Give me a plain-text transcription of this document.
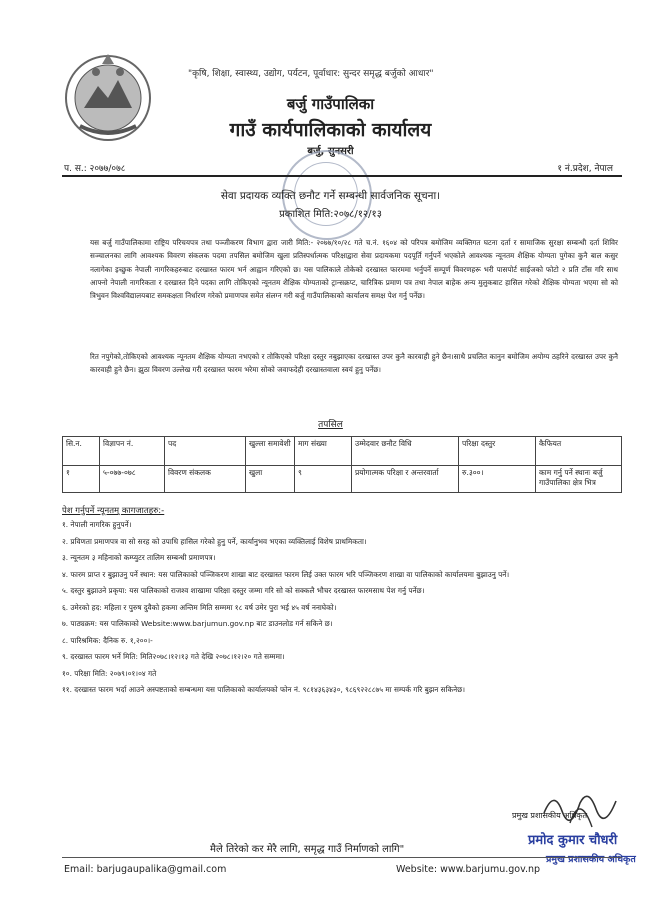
"कृषि, शिक्षा, स्वास्थ्य, उद्योग, पर्यटन, पूर्वाधार: सुन्दर समृद्ध बर्जुको आधार"
बर्जु गाउँपालिका
गाउँ कार्यपालिकाको कार्यालय
बर्जु, सुनसरी
प. स.: २०७७/०७८	१ नं.प्रदेश, नेपाल
सेवा प्रदायक व्यक्ति छनौट गर्ने सम्बन्धी सार्वजनिक सूचना।
प्रकाशित मिति:२०७८/१२/१३
यस बर्जु गाउँपालिकामा राष्ट्रिय परिचयपत्र तथा पञ्जीकरण विभाग द्वारा जारी मिति:- २०७७/१०/२८ गते च.नं. १६०४ को परिपत्र बमोजिम व्यक्तिगत घटना दर्ता र सामाजिक सुरक्षा सम्बन्धी दर्ता शिविर सञ्चालनका लागि आवश्यक विवरण संकलक पदमा तपसिल बमोजिम खुला प्रतिस्पर्धात्मक परिक्षाद्वारा सेवा प्रदायकमा पदपूर्ति गर्नुपर्ने भएकोले आवश्यक न्यूनतम शैक्षिक योग्यता पुगेका कुनै बाल कसुर नलागेका इच्छुक नेपाली नागरिकहरुबाट दरखास्त फारम भर्न आह्वान गरिएको छ। यस पालिकाले तोकेको दरखास्त फारममा भर्नुपर्ने सम्पूर्ण विवरणहरू भरी पासपोर्ट साईजको फोटो २ प्रति टाँस गरि साथ आफ्नो नेपाली नागरिकता र दरखास्त दिने पदका लागि तोकिएको न्यूनतम शैक्षिक योग्यताको ट्रान्सक्रप्ट, चारित्रिक प्रमाण पत्र तथा नेपाल बाहेक अन्य मुलुकबाट हासिल गरेको शैक्षिक योग्यता भएमा सो को त्रिभुवन विश्वविद्यालयबाट समकक्षता निर्धारण गरेको प्रमाणपत्र समेत संलग्न गरी बर्जु गाउँपालिकाको कार्यालय समक्ष पेश गर्नु पर्नेछ।
रित नपुगेको,तोकिएको आवश्यक न्यूनतम शैक्षिक योग्यता नभएको र तोकिएको परिक्षा दस्तुर नबुझाएका दरखास्त उपर कुनै कारवाही हुने छैन।साथै प्रचलित कानुन बमोजिम अयोग्य ठहरिने दरखास्त उपर कुनै कारवाही हुने छैन। झुठा विवरण उल्लेख गरी दरखास्त फारम भरेमा सोको जवाफदेही दरखास्तवाला स्वयं हुनु पर्नेछ।
तपसिल
सि.न.	विज्ञापन नं.	पद	खुल्ला समावेशी	माग संख्या	उम्मेदवार छनौट विधि	परिक्षा दस्तुर	कैफियत
१	५-०७७-०७८	विवरण संकलक	खुला	९	प्रयोगात्मक परिक्षा र अन्तरवार्ता	रु.३००।	काम गर्नु पर्ने स्थानः बर्जु गाउँपालिका क्षेत्र भित्र
पेश गर्नुपर्ने न्यूनतम् कागजातहरु:-
१. नेपाली नागरिक हुनुपर्ने।
२. प्रविणता प्रमाणपत्र वा सो सरह को उपाधि हासिल गरेको हुनु पर्ने, कार्यानुभव भएका व्यक्तिलाई विशेष प्राथमिकता।
३. न्यूनतम ३ महिनाको कम्प्युटर तालिम सम्बन्धी प्रमाणपत्र।
४. फारम प्राप्त र बुझाउनु पर्ने स्थान: यस पालिकाको पञ्जिकरण शाखा बाट दरखास्त फारम लिई उक्त फारम भरि पञ्जिकरण शाखा वा पालिकाको कार्यालयमा बुझाउनु पर्ने।
५. दस्तुर बुझाउने प्रकृया: यस पालिकाको राजश्व शाखामा परिक्षा दस्तुर जम्मा गरि सो को सक्कलै भौचर दरखास्त फारमसाथ पेश गर्नु पर्नेछ।
६. उमेरको हद: महिला र पुरुष दुवैको हकमा अन्तिम मिति सम्ममा १८ वर्ष उमेर पुरा भई ४५ वर्ष ननाघेको।
७. पाठ्यक्रम: यस पालिकाको Website:www.barjumun.gov.np बाट डाउनलोड गर्न सकिने छ।
८. पारिश्रमिक: दैनिक रु. १,२००।-
९. दरखास्त फारम भर्ने मिति: मिति२०७८।१२।१३ गते देखि २०७८।१२।२० गते सम्ममा।
१०. परिक्षा मिति: २०७९।०१।०४ गते
११. दरखास्त फारम भर्दा आउने अस्पष्टताको सम्बन्धमा यस पालिकाको कार्यालयको फोन नं. ९८१४३६३४३०, ९८६९२२८८७५ मा सम्पर्क गरि बुझन सकिनेछ।
प्रमुख प्रशासकीय अधिकृत
प्रमोद कुमार चौधरी
प्रमुख प्रशासकीय अधिकृत
मैले तिरेको कर मेरै लागि, समृद्ध गाउँ निर्माणको लागि"
Email: barjugaupalika@gmail.com	Website: www.barjumu.gov.np
